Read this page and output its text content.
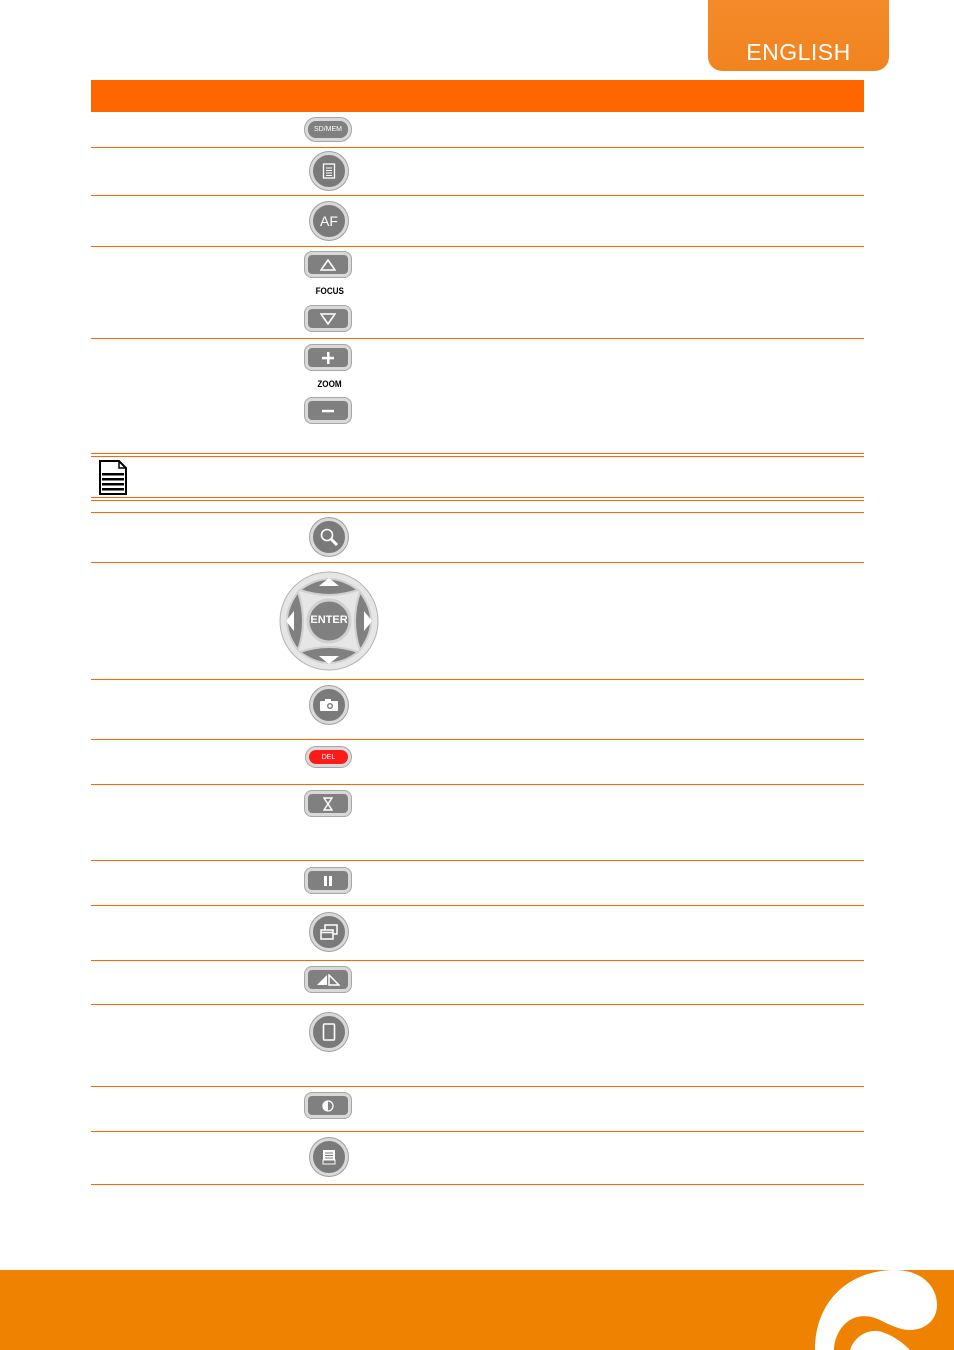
ENGLISH
SD/MEM
AF
FOCUS
ZOOM
ENTER
DEL
